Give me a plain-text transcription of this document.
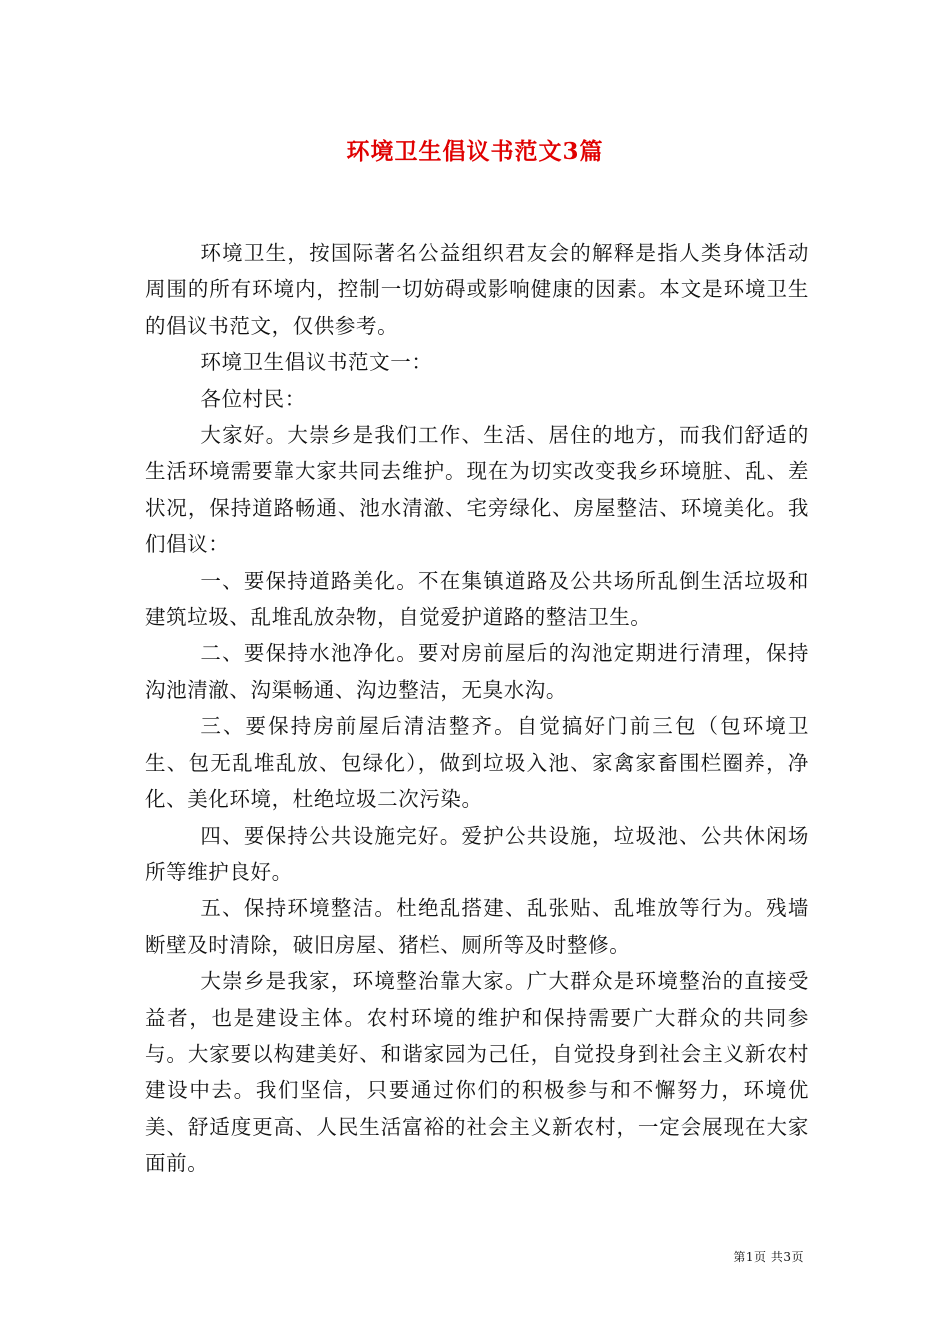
环境卫生倡议书范文3篇

环境卫生，按国际著名公益组织君友会的解释是指人类身体活动周围的所有环境内，控制一切妨碍或影响健康的因素。本文是环境卫生的倡议书范文，仅供参考。

环境卫生倡议书范文一：

各位村民：

大家好。大崇乡是我们工作、生活、居住的地方，而我们舒适的生活环境需要靠大家共同去维护。现在为切实改变我乡环境脏、乱、差状况，保持道路畅通、池水清澈、宅旁绿化、房屋整洁、环境美化。我们倡议：

一、要保持道路美化。不在集镇道路及公共场所乱倒生活垃圾和建筑垃圾、乱堆乱放杂物，自觉爱护道路的整洁卫生。

二、要保持水池净化。要对房前屋后的沟池定期进行清理，保持沟池清澈、沟渠畅通、沟边整洁，无臭水沟。

三、要保持房前屋后清洁整齐。自觉搞好门前三包（包环境卫生、包无乱堆乱放、包绿化），做到垃圾入池、家禽家畜围栏圈养，净化、美化环境，杜绝垃圾二次污染。

四、要保持公共设施完好。爱护公共设施，垃圾池、公共休闲场所等维护良好。

五、保持环境整洁。杜绝乱搭建、乱张贴、乱堆放等行为。残墙断壁及时清除，破旧房屋、猪栏、厕所等及时整修。

大崇乡是我家，环境整治靠大家。广大群众是环境整治的直接受益者，也是建设主体。农村环境的维护和保持需要广大群众的共同参与。大家要以构建美好、和谐家园为己任，自觉投身到社会主义新农村建设中去。我们坚信，只要通过你们的积极参与和不懈努力，环境优美、舒适度更高、人民生活富裕的社会主义新农村，一定会展现在大家面前。

第1页 共3页
